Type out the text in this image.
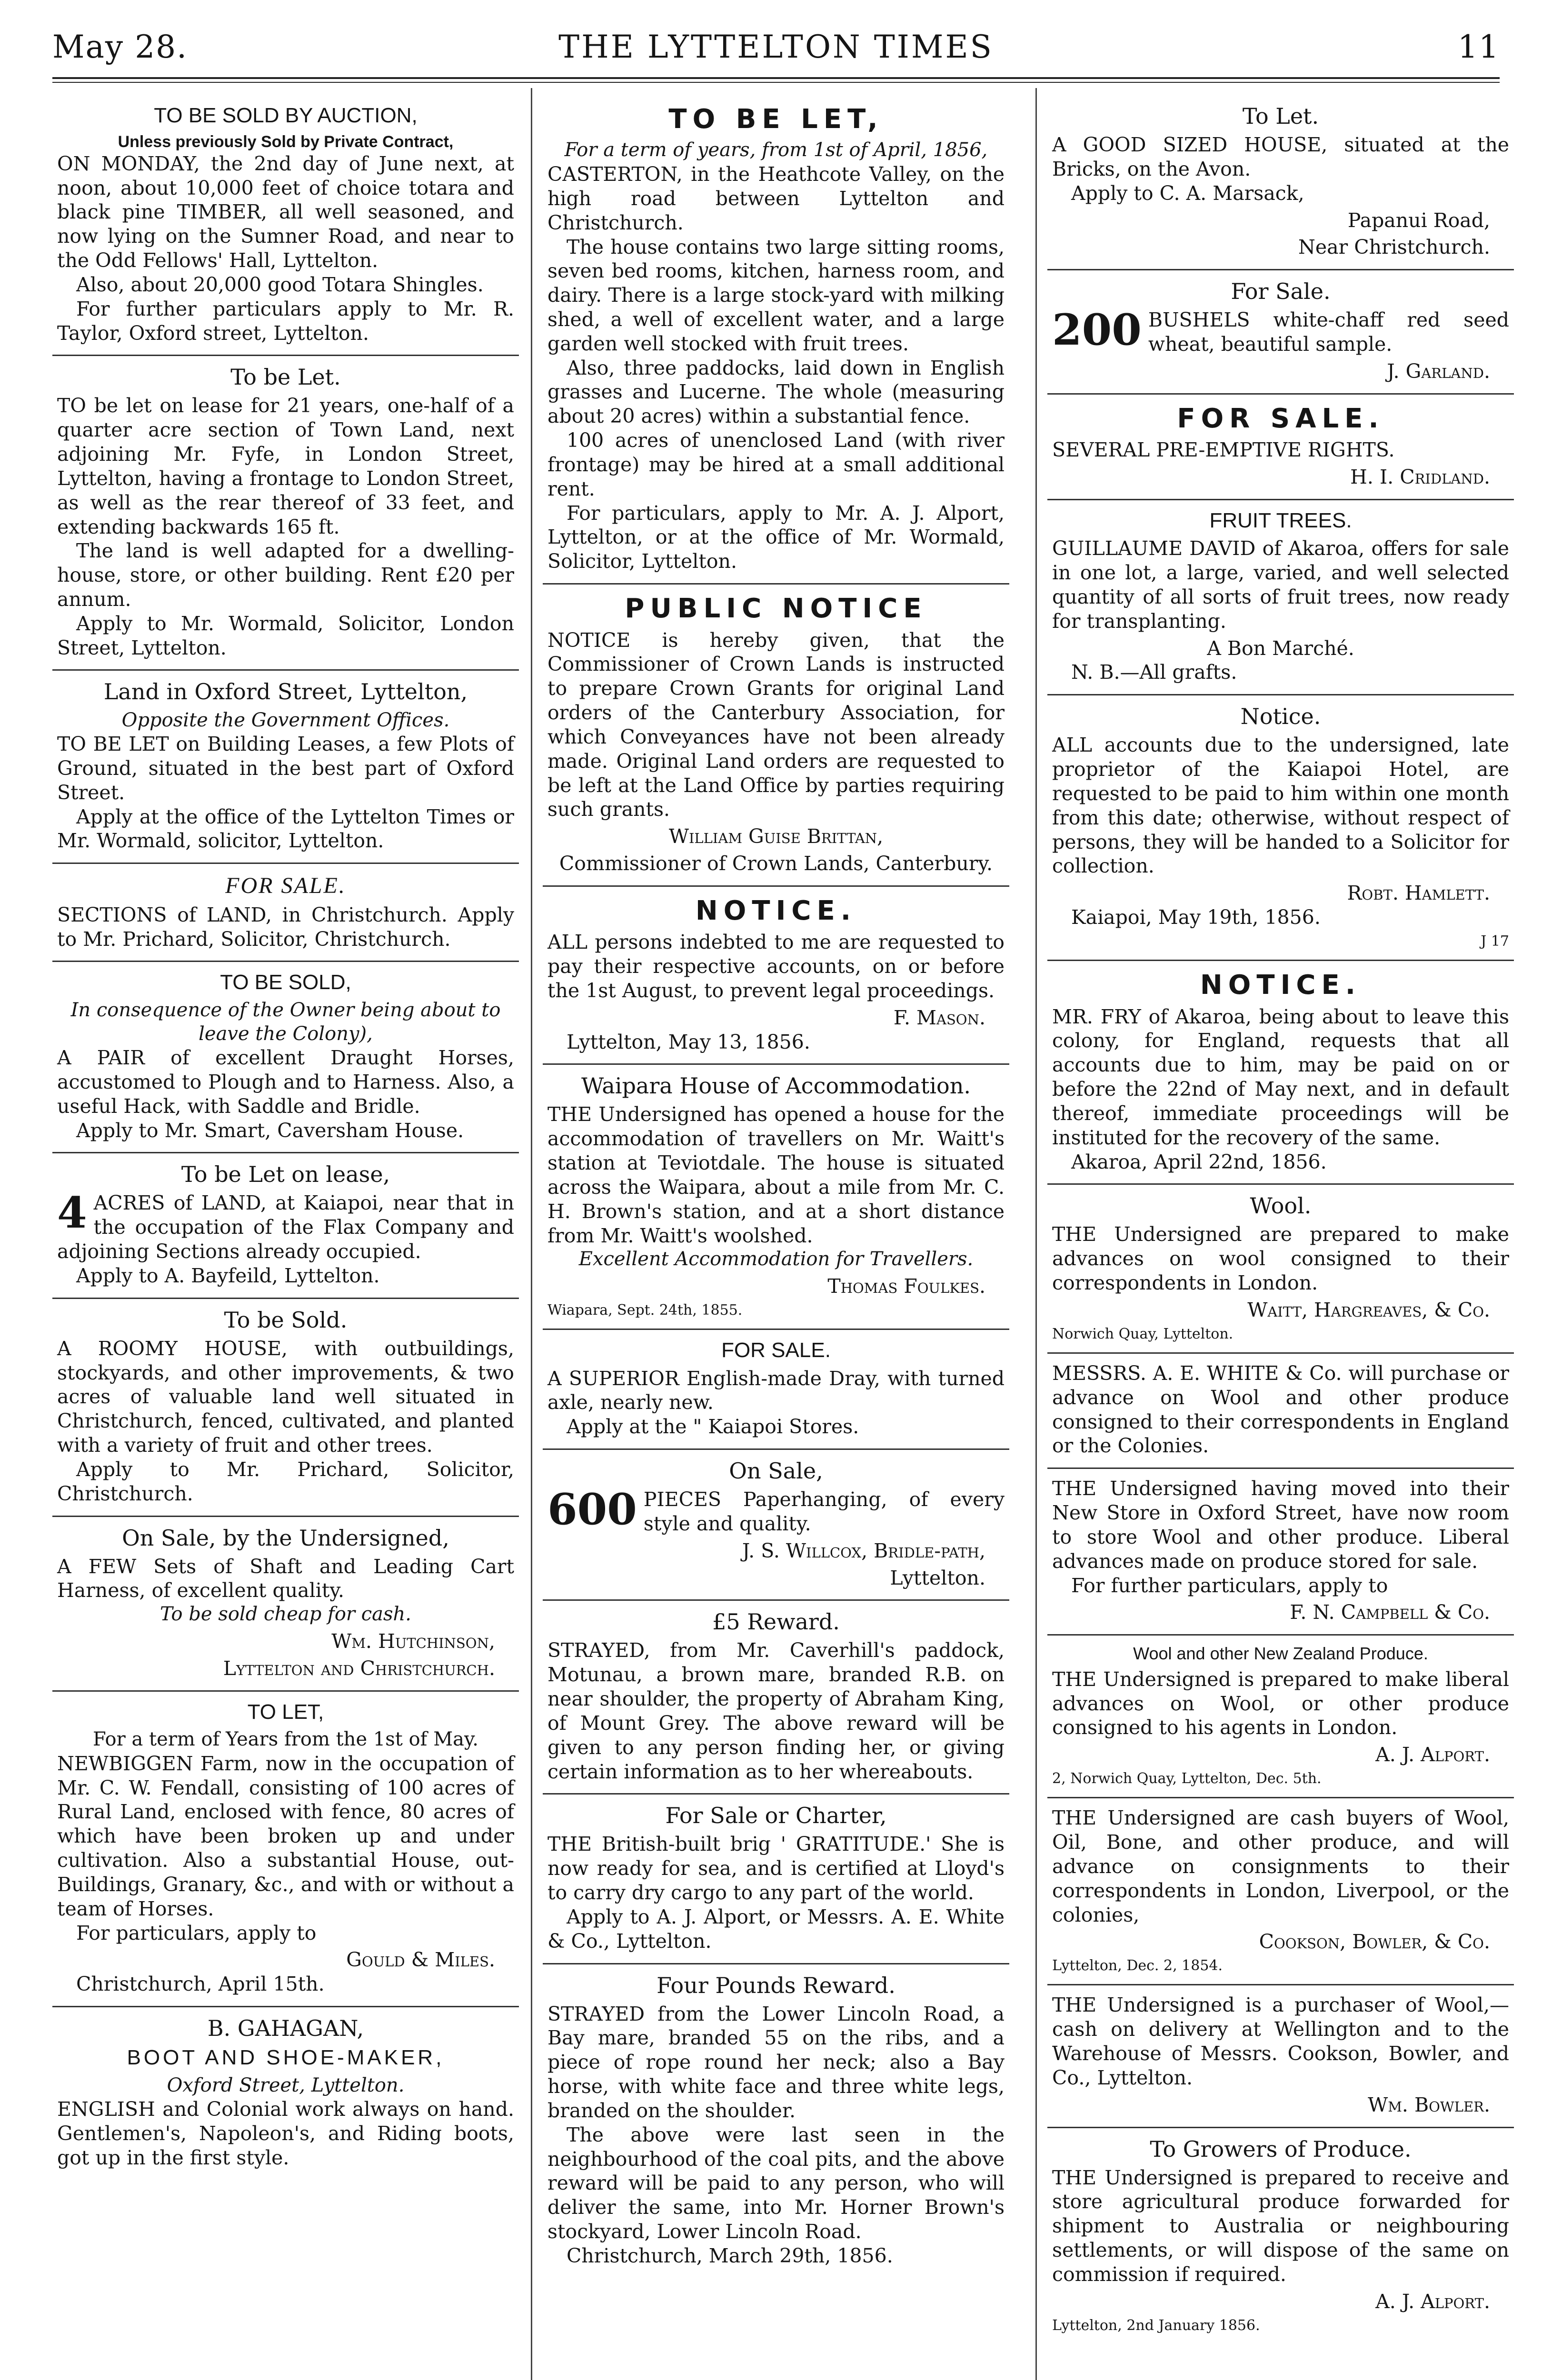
May 28.	THE LYTTELTON TIMES	11
TO BE SOLD BY AUCTION,
Unless previously Sold by Private Contract,

ON MONDAY, the 2nd day of June next, at noon, about 10,000 feet of choice totara and black pine TIMBER, all well seasoned, and now lying on the Sumner Road, and near to the Odd Fellows' Hall, Lyttelton.

Also, about 20,000 good Totara Shingles.

For further particulars apply to Mr. R. Taylor, Oxford street, Lyttelton.

To be Let.

TO be let on lease for 21 years, one-half of a quarter acre section of Town Land, next adjoining Mr. Fyfe, in London Street, Lyttelton, having a frontage to London Street, as well as the rear thereof of 33 feet, and extending backwards 165 ft.

The land is well adapted for a dwelling-house, store, or other building. Rent £20 per annum.

Apply to Mr. Wormald, Solicitor, London Street, Lyttelton.

Land in Oxford Street, Lyttelton,
Opposite the Government Offices.

TO BE LET on Building Leases, a few Plots of Ground, situated in the best part of Oxford Street.

Apply at the office of the Lyttelton Times or Mr. Wormald, solicitor, Lyttelton.

FOR SALE.

SECTIONS of LAND, in Christchurch. Apply to Mr. Prichard, Solicitor, Christchurch.

TO BE SOLD,
In consequence of the Owner being about to leave the Colony),

A PAIR of excellent Draught Horses, accustomed to Plough and to Harness. Also, a useful Hack, with Saddle and Bridle.

Apply to Mr. Smart, Caversham House.

To be Let on lease,
4 ACRES of LAND, at Kaiapoi, near that in the occupation of the Flax Company and adjoining Sections already occupied.

Apply to A. Bayfeild, Lyttelton.

To be Sold.

A ROOMY HOUSE, with outbuildings, stockyards, and other improvements, & two acres of valuable land well situated in Christchurch, fenced, cultivated, and planted with a variety of fruit and other trees.

Apply to Mr. Prichard, Solicitor, Christchurch.

On Sale, by the Undersigned,

A FEW Sets of Shaft and Leading Cart Harness, of excellent quality.

To be sold cheap for cash.
Wm. Hutchinson,
Lyttelton and Christchurch.
TO LET,
For a term of Years from the 1st of May.

NEWBIGGEN Farm, now in the occupation of Mr. C. W. Fendall, consisting of 100 acres of Rural Land, enclosed with fence, 80 acres of which have been broken up and under cultivation. Also a substantial House, out-Buildings, Granary, &c., and with or without a team of Horses.

For particulars, apply to

Gould & Miles.

Christchurch, April 15th.

B. GAHAGAN,
BOOT AND SHOE-MAKER,
Oxford Street, Lyttelton.

ENGLISH and Colonial work always on hand. Gentlemen's, Napoleon's, and Riding boots, got up in the first style.

TO BE LET,
For a term of years, from 1st of April, 1856,

CASTERTON, in the Heathcote Valley, on the high road between Lyttelton and Christchurch.

The house contains two large sitting rooms, seven bed rooms, kitchen, harness room, and dairy. There is a large stock-yard with milking shed, a well of excellent water, and a large garden well stocked with fruit trees.

Also, three paddocks, laid down in English grasses and Lucerne. The whole (measuring about 20 acres) within a substantial fence.

100 acres of unenclosed Land (with river frontage) may be hired at a small additional rent.

For particulars, apply to Mr. A. J. Alport, Lyttelton, or at the office of Mr. Wormald, Solicitor, Lyttelton.

PUBLIC NOTICE

NOTICE is hereby given, that the Commissioner of Crown Lands is instructed to prepare Crown Grants for original Land orders of the Canterbury Association, for which Conveyances have not been already made. Original Land orders are requested to be left at the Land Office by parties requiring such grants.

William Guise Brittan,
Commissioner of Crown Lands, Canterbury.
NOTICE.

ALL persons indebted to me are requested to pay their respective accounts, on or before the 1st August, to prevent legal proceedings.

F. Mason.

Lyttelton, May 13, 1856.

Waipara House of Accommodation.

THE Undersigned has opened a house for the accommodation of travellers on Mr. Waitt's station at Teviotdale. The house is situated across the Waipara, about a mile from Mr. C. H. Brown's station, and at a short distance from Mr. Waitt's woolshed.

Excellent Accommodation for Travellers.
Thomas Foulkes.
Wiapara, Sept. 24th, 1855.
FOR SALE.

A SUPERIOR English-made Dray, with turned axle, nearly new.

Apply at the " Kaiapoi Stores.

On Sale,
600 PIECES Paperhanging, of every style and quality.

J. S. Willcox, Bridle-path,
Lyttelton.
£5 Reward.

STRAYED, from Mr. Caverhill's paddock, Motunau, a brown mare, branded R.B. on near shoulder, the property of Abraham King, of Mount Grey. The above reward will be given to any person finding her, or giving certain information as to her whereabouts.

For Sale or Charter,

THE British-built brig ' GRATITUDE.' She is now ready for sea, and is certified at Lloyd's to carry dry cargo to any part of the world.

Apply to A. J. Alport, or Messrs. A. E. White & Co., Lyttelton.

Four Pounds Reward.

STRAYED from the Lower Lincoln Road, a Bay mare, branded 55 on the ribs, and a piece of rope round her neck; also a Bay horse, with white face and three white legs, branded on the shoulder.

The above were last seen in the neighbourhood of the coal pits, and the above reward will be paid to any person, who will deliver the same, into Mr. Horner Brown's stockyard, Lower Lincoln Road.

Christchurch, March 29th, 1856.

To Let.

A GOOD SIZED HOUSE, situated at the Bricks, on the Avon.

Apply to C. A. Marsack,

Papanui Road,
Near Christchurch.
For Sale.
200 BUSHELS white-chaff red seed wheat, beautiful sample.

J. Garland.
FOR SALE.

SEVERAL PRE-EMPTIVE RIGHTS.

H. I. Cridland.
FRUIT TREES.

GUILLAUME DAVID of Akaroa, offers for sale in one lot, a large, varied, and well selected quantity of all sorts of fruit trees, now ready for transplanting.

A Bon Marché.

N. B.—All grafts.

Notice.

ALL accounts due to the undersigned, late proprietor of the Kaiapoi Hotel, are requested to be paid to him within one month from this date; otherwise, without respect of persons, they will be handed to a Solicitor for collection.

Robt. Hamlett.

Kaiapoi, May 19th, 1856.

J 17
NOTICE.

MR. FRY of Akaroa, being about to leave this colony, for England, requests that all accounts due to him, may be paid on or before the 22nd of May next, and in default thereof, immediate proceedings will be instituted for the recovery of the same.

Akaroa, April 22nd, 1856.

Wool.

THE Undersigned are prepared to make advances on wool consigned to their correspondents in London.

Waitt, Hargreaves, & Co.
Norwich Quay, Lyttelton.

MESSRS. A. E. WHITE & Co. will purchase or advance on Wool and other produce consigned to their correspondents in England or the Colonies.

THE Undersigned having moved into their New Store in Oxford Street, have now room to store Wool and other produce. Liberal advances made on produce stored for sale.

For further particulars, apply to

F. N. Campbell & Co.
Wool and other New Zealand Produce.

THE Undersigned is prepared to make liberal advances on Wool, or other produce consigned to his agents in London.

A. J. Alport.
2, Norwich Quay, Lyttelton, Dec. 5th.

THE Undersigned are cash buyers of Wool, Oil, Bone, and other produce, and will advance on consignments to their correspondents in London, Liverpool, or the colonies,

Cookson, Bowler, & Co.
Lyttelton, Dec. 2, 1854.

THE Undersigned is a purchaser of Wool,—cash on delivery at Wellington and to the Warehouse of Messrs. Cookson, Bowler, and Co., Lyttelton.

Wm. Bowler.
To Growers of Produce.

THE Undersigned is prepared to receive and store agricultural produce forwarded for shipment to Australia or neighbouring settlements, or will dispose of the same on commission if required.

A. J. Alport.
Lyttelton, 2nd January 1856.
